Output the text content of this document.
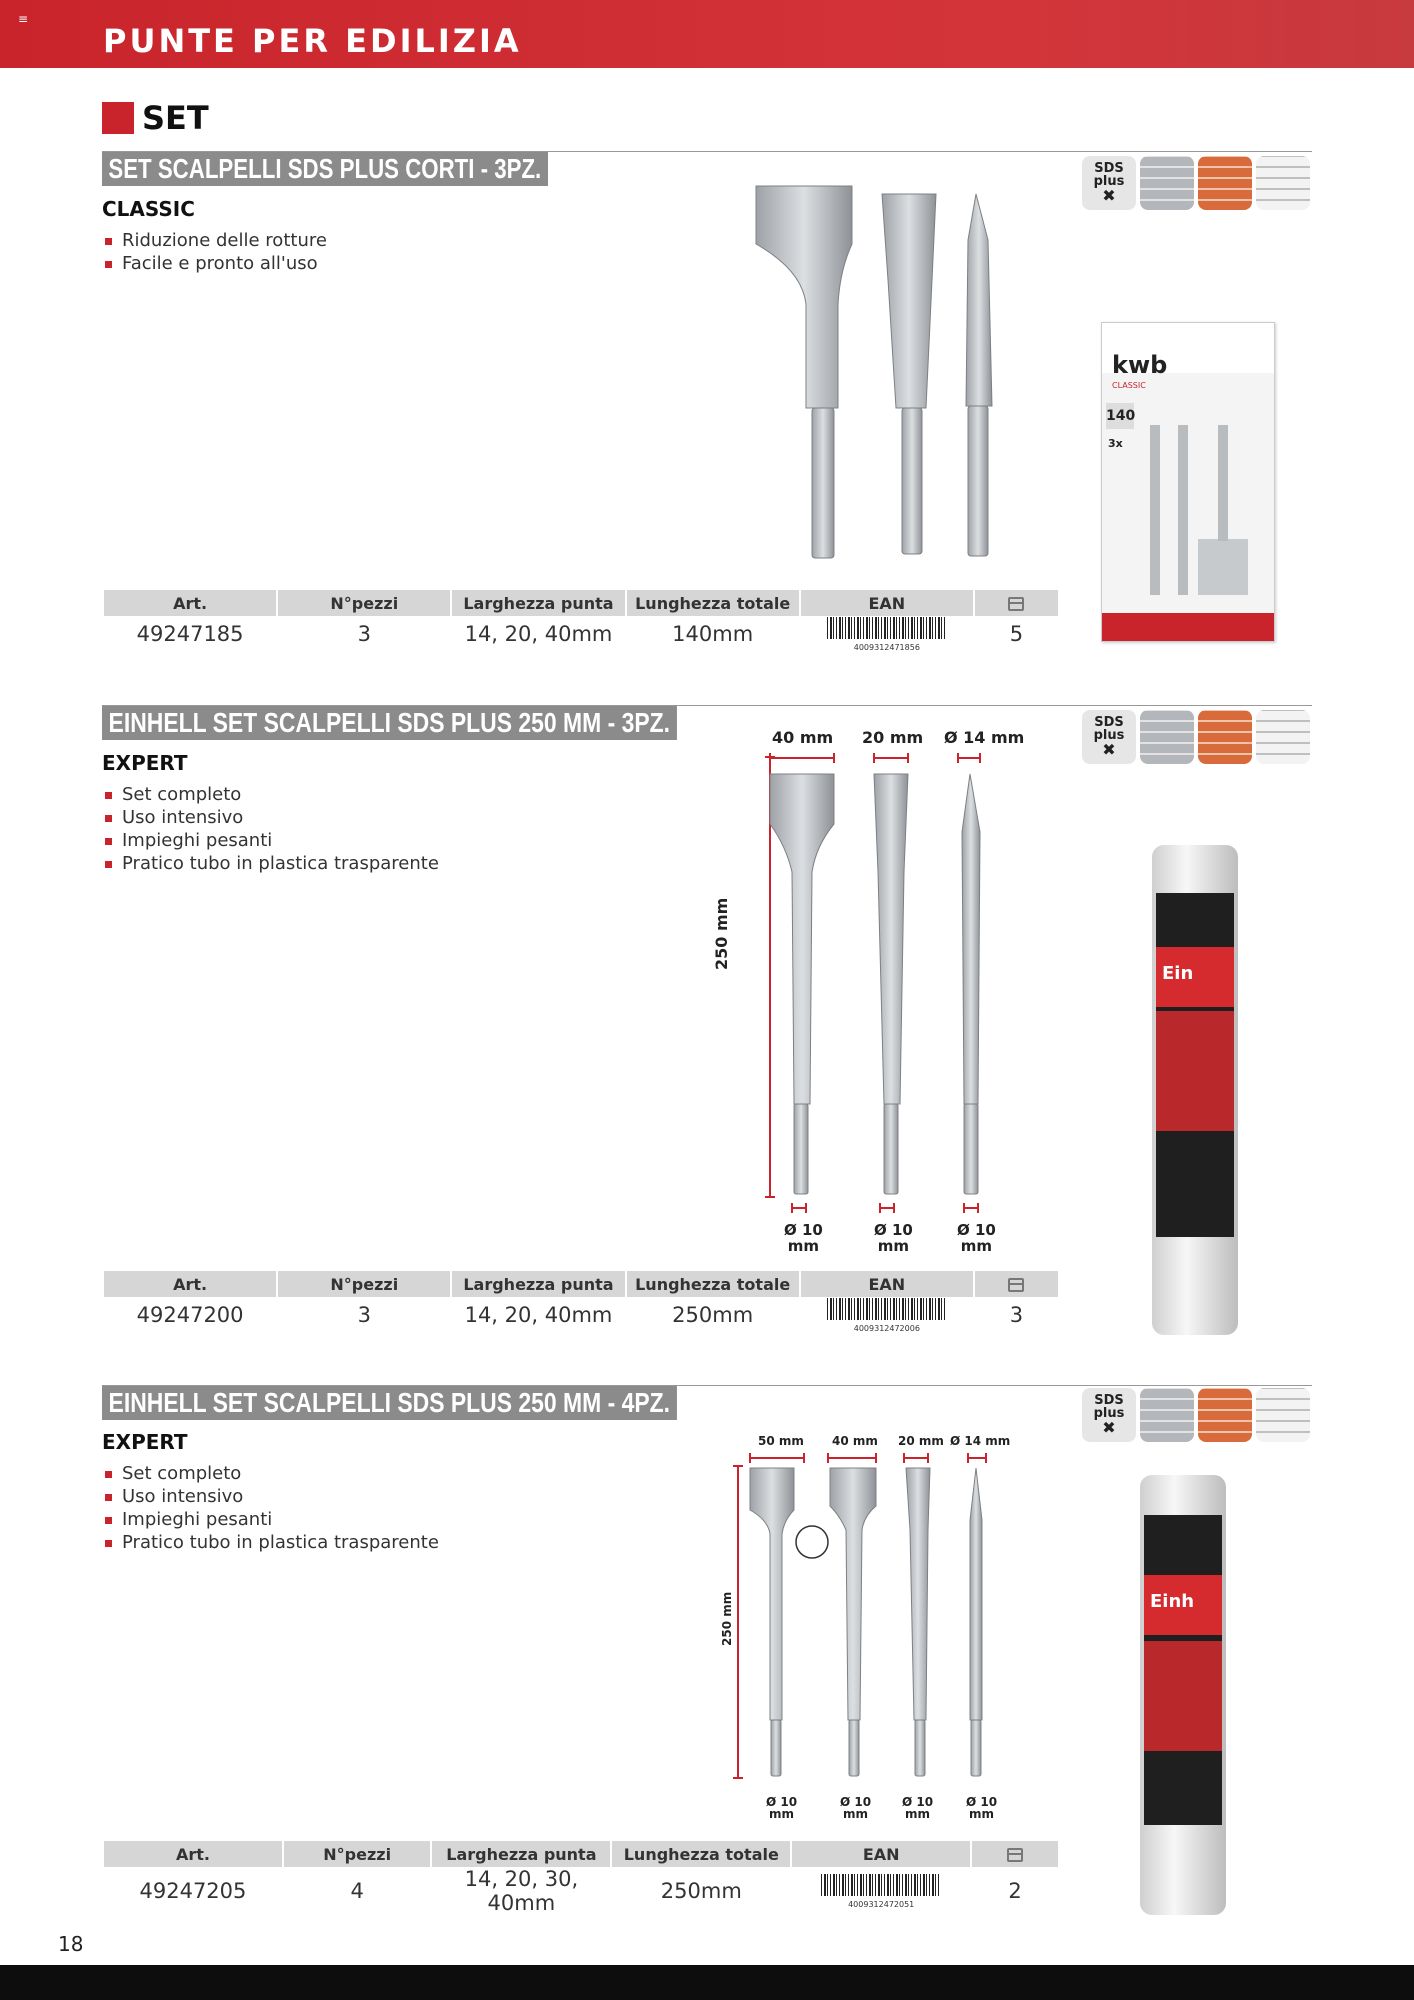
≡
PUNTE PER EDILIZIA
SET
SET SCALPELLI SDS PLUS CORTI - 3PZ.
CLASSIC
Riduzione delle rotture
Facile e pronto all'uso
SDS
plus
✖
kwb
CLASSIC
140
3x
Art.	N°pezzi	Larghezza punta	Lunghezza totale	EAN	
49247185	3	14, 20, 40mm	140mm	4009312471856	5
EINHELL SET SCALPELLI SDS PLUS 250 MM - 3PZ.
EXPERT
Set completo
Uso intensivo
Impieghi pesanti
Pratico tubo in plastica trasparente
SDS
plus
✖
40 mm 20 mm Ø 14 mm
250 mm
Ø 10
mm
Ø 10
mm
Ø 10
mm
Ein
Art.	N°pezzi	Larghezza punta	Lunghezza totale	EAN	
49247200	3	14, 20, 40mm	250mm	4009312472006	3
EINHELL SET SCALPELLI SDS PLUS 250 MM - 4PZ.
EXPERT
Set completo
Uso intensivo
Impieghi pesanti
Pratico tubo in plastica trasparente
SDS
plus
✖
50 mm 40 mm 20 mm Ø 14 mm
250 mm
Ø 10
mm
Ø 10
mm
Ø 10
mm
Ø 10
mm
Einh
Art.	N°pezzi	Larghezza punta	Lunghezza totale	EAN	
49247205	4	14, 20, 30, 40mm	250mm	4009312472051	2
18
